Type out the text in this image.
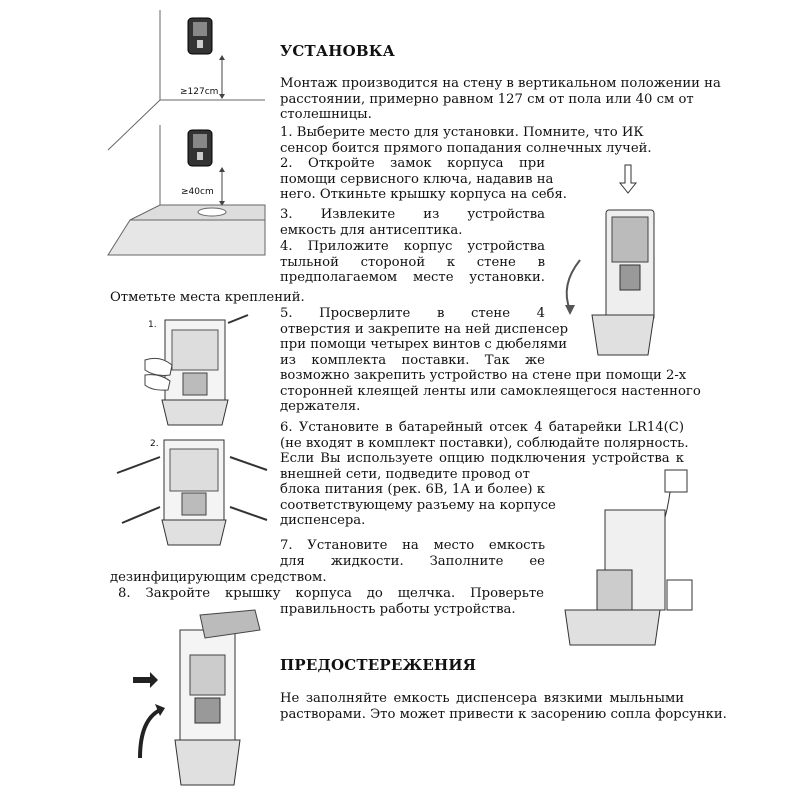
≥127cm
≥40cm
1.
2.
УСТАНОВКА
Монтаж производится на стену в вертикальном положении на
расстоянии, примерно равном 127 см от пола или 40 см от
столешницы.
1. Выберите место для установки. Помните, что ИК
сенсор боится прямого попадания солнечных лучей.
2. Откройте замок корпуса при
помощи сервисного ключа, надавив на
него. Откиньте крышку корпуса на себя.
3. Извлеките из устройства
емкость для антисептика.
4. Приложите корпус устройства
тыльной стороной к стене в
предполагаемом месте установки.
Отметьте места креплений.
5. Просверлите в стене 4
отверстия и закрепите на ней диспенсер
при помощи четырех винтов с дюбелями
из комплекта поставки. Так же
возможно закрепить устройство на стене при помощи 2-х
сторонней клеящей ленты или самоклеящегося настенного
держателя.
6. Установите в батарейный отсек 4 батарейки LR14(C)
(не входят в комплект поставки), соблюдайте полярность.
Если Вы используете опцию подключения устройства к
внешней сети, подведите провод от
блока питания (рек. 6В, 1А и более) к
соответствующему разъему на корпусе
диспенсера.
7. Установите на место емкость
для жидкости. Заполните ее
дезинфицирующим средством.
8. Закройте крышку корпуса до щелчка. Проверьте
правильность работы устройства.
ПРЕДОСТЕРЕЖЕНИЯ
Не заполняйте емкость диспенсера вязкими мыльными
растворами. Это может привести к засорению сопла форсунки.
